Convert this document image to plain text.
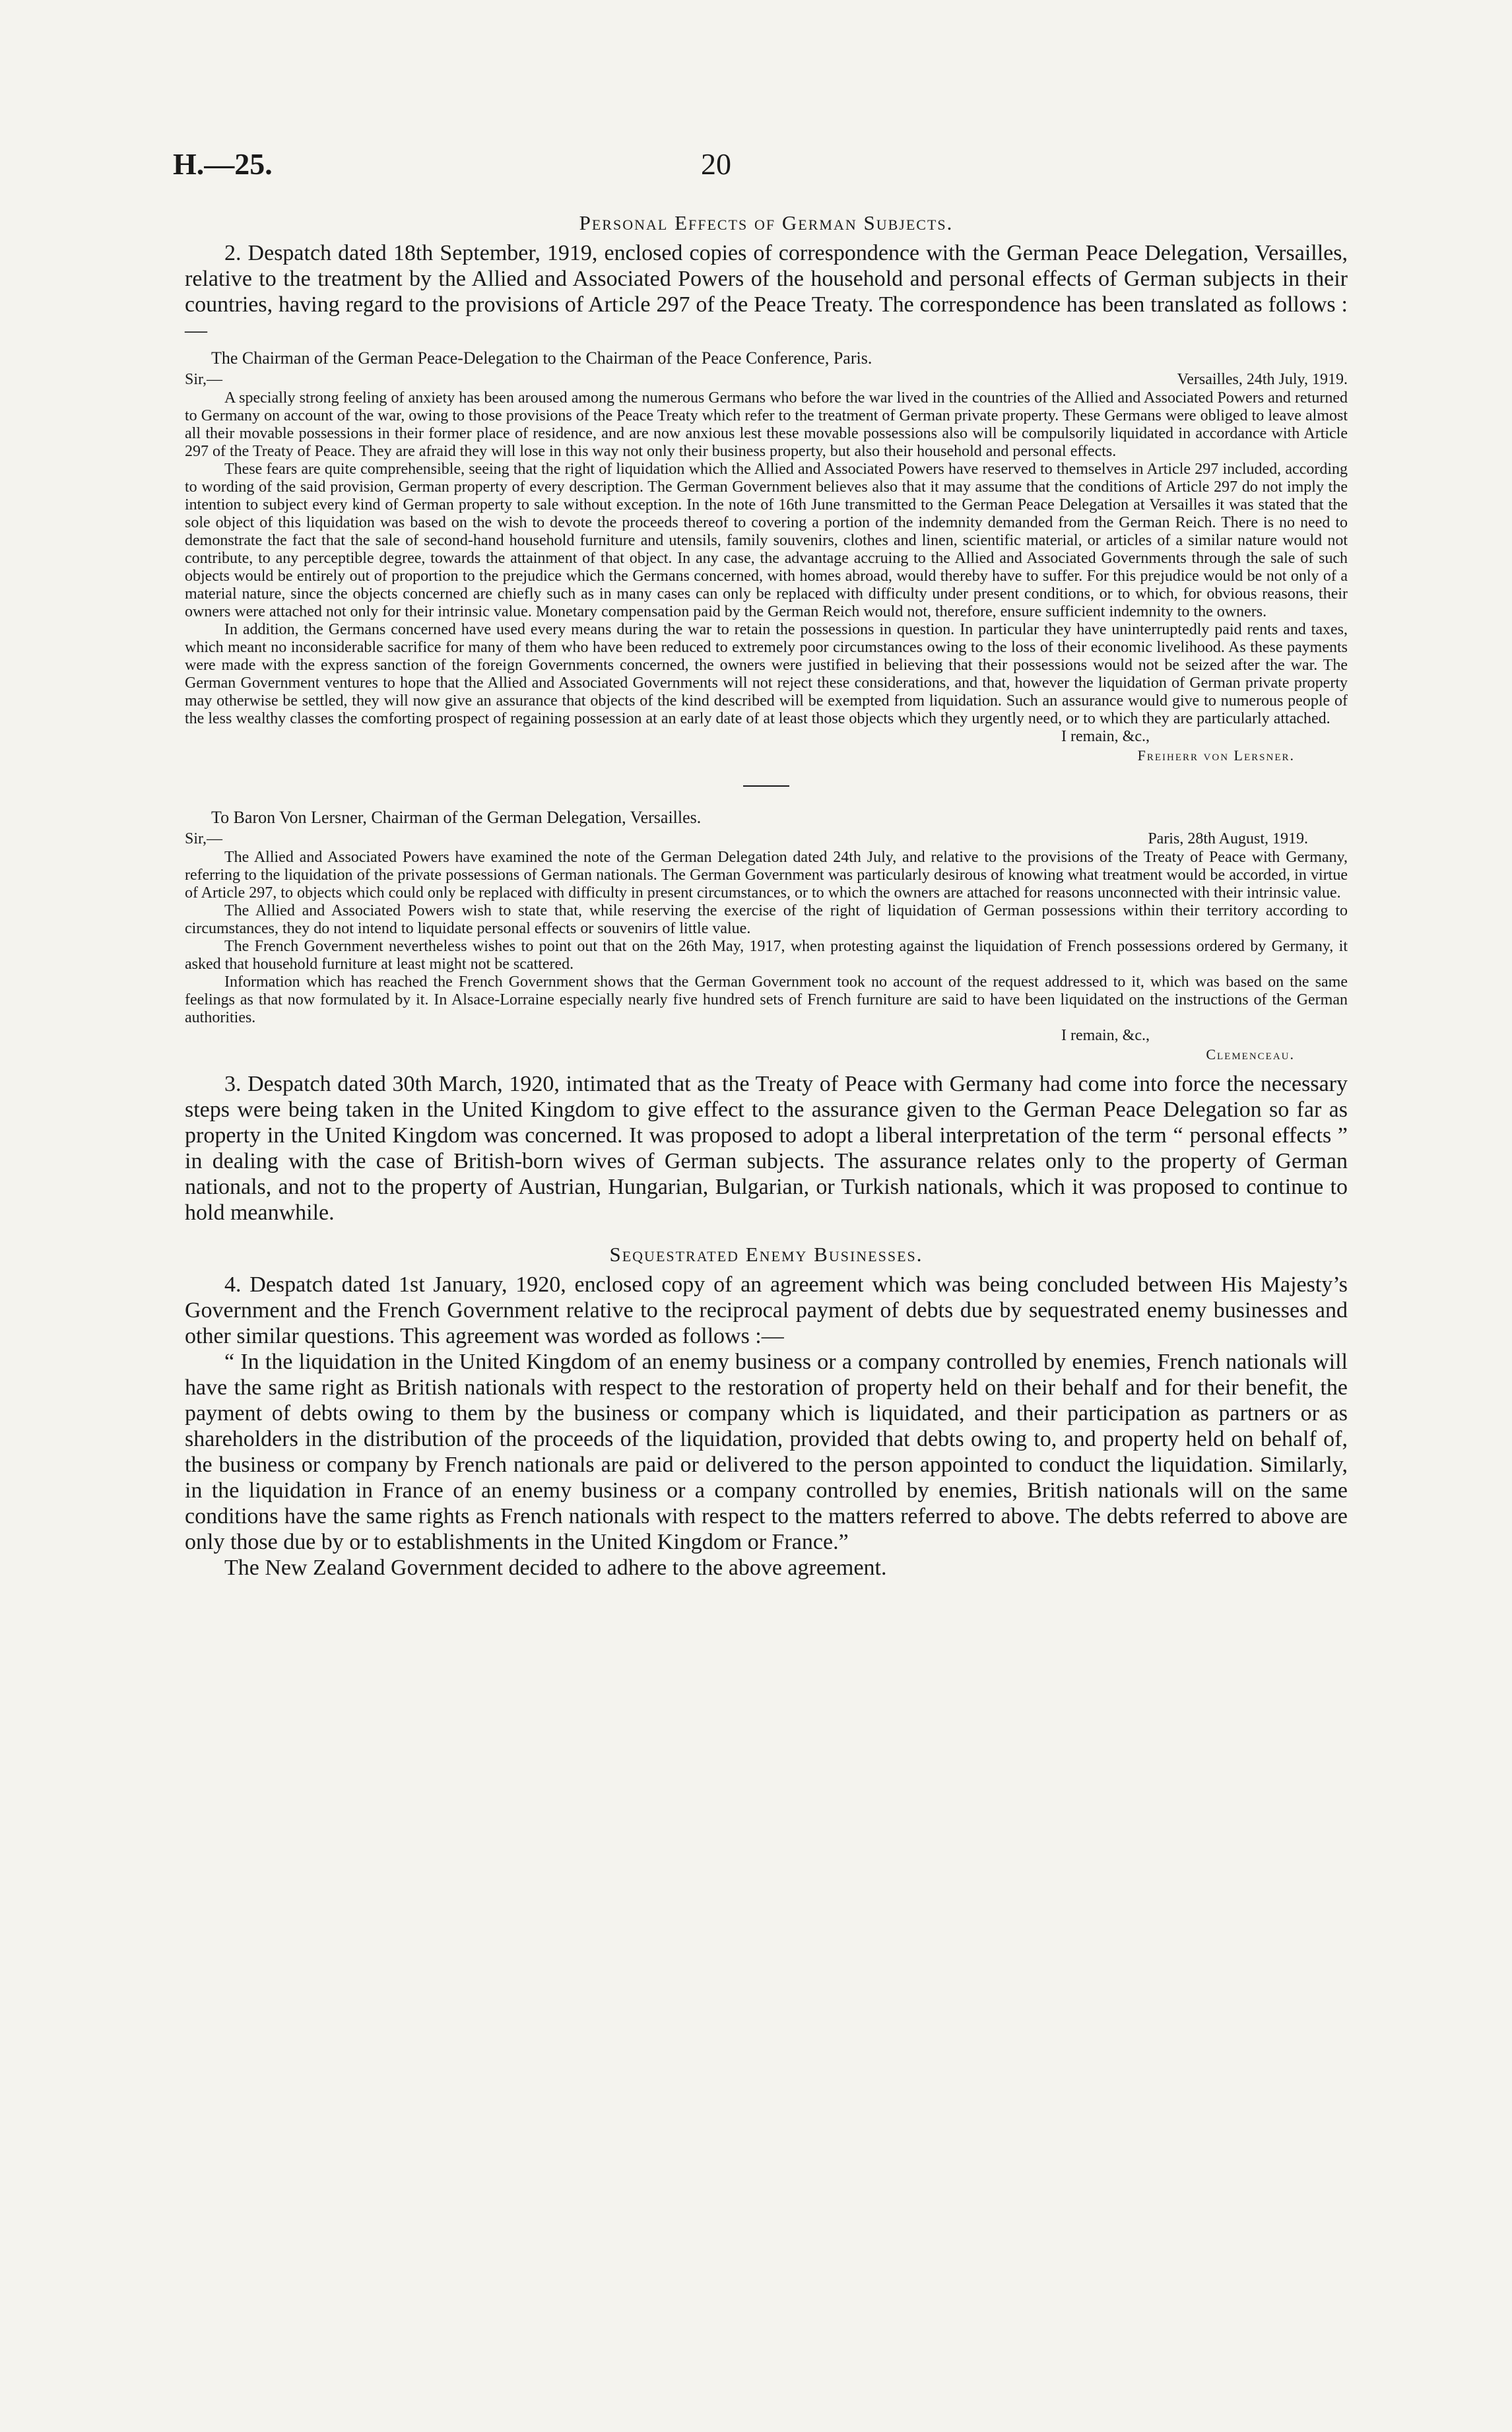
H.—25.	20
Personal Effects of German Subjects.

2. Despatch dated 18th September, 1919, enclosed copies of correspondence with the German Peace Delegation, Versailles, relative to the treatment by the Allied and Associated Powers of the household and personal effects of German subjects in their countries, having regard to the provisions of Article 297 of the Peace Treaty. The correspondence has been translated as follows :—

The Chairman of the German Peace-Delegation to the Chairman of the Peace Conference, Paris.

Sir,—	Versailles, 24th July, 1919.

A specially strong feeling of anxiety has been aroused among the numerous Germans who before the war lived in the countries of the Allied and Associated Powers and returned to Germany on account of the war, owing to those provisions of the Peace Treaty which refer to the treatment of German private property. These Germans were obliged to leave almost all their movable possessions in their former place of residence, and are now anxious lest these movable possessions also will be compulsorily liquidated in accordance with Article 297 of the Treaty of Peace. They are afraid they will lose in this way not only their business property, but also their household and personal effects.

These fears are quite comprehensible, seeing that the right of liquidation which the Allied and Associated Powers have reserved to themselves in Article 297 included, according to wording of the said provision, German property of every description. The German Government believes also that it may assume that the conditions of Article 297 do not imply the intention to subject every kind of German property to sale without exception. In the note of 16th June transmitted to the German Peace Delegation at Versailles it was stated that the sole object of this liquidation was based on the wish to devote the proceeds thereof to covering a portion of the indemnity demanded from the German Reich. There is no need to demonstrate the fact that the sale of second-hand household furniture and utensils, family souvenirs, clothes and linen, scientific material, or articles of a similar nature would not contribute, to any perceptible degree, towards the attainment of that object. In any case, the advantage accruing to the Allied and Associated Governments through the sale of such objects would be entirely out of proportion to the prejudice which the Germans concerned, with homes abroad, would thereby have to suffer. For this prejudice would be not only of a material nature, since the objects concerned are chiefly such as in many cases can only be replaced with difficulty under present conditions, or to which, for obvious reasons, their owners were attached not only for their intrinsic value. Monetary compensation paid by the German Reich would not, therefore, ensure sufficient indemnity to the owners.

In addition, the Germans concerned have used every means during the war to retain the possessions in question. In particular they have uninterruptedly paid rents and taxes, which meant no inconsiderable sacrifice for many of them who have been reduced to extremely poor circumstances owing to the loss of their economic livelihood. As these payments were made with the express sanction of the foreign Governments concerned, the owners were justified in believing that their possessions would not be seized after the war. The German Government ventures to hope that the Allied and Associated Governments will not reject these considerations, and that, however the liquidation of German private property may otherwise be settled, they will now give an assurance that objects of the kind described will be exempted from liquidation. Such an assurance would give to numerous people of the less wealthy classes the comforting prospect of regaining possession at an early date of at least those objects which they urgently need, or to which they are particularly attached.

I remain, &c.,
Freiherr von Lersner.

To Baron Von Lersner, Chairman of the German Delegation, Versailles.

Sir,—	Paris, 28th August, 1919.

The Allied and Associated Powers have examined the note of the German Delegation dated 24th July, and relative to the provisions of the Treaty of Peace with Germany, referring to the liquidation of the private possessions of German nationals. The German Government was particularly desirous of knowing what treatment would be accorded, in virtue of Article 297, to objects which could only be replaced with difficulty in present circumstances, or to which the owners are attached for reasons unconnected with their intrinsic value.

The Allied and Associated Powers wish to state that, while reserving the exercise of the right of liquidation of German possessions within their territory according to circumstances, they do not intend to liquidate personal effects or souvenirs of little value.

The French Government nevertheless wishes to point out that on the 26th May, 1917, when protesting against the liquidation of French possessions ordered by Germany, it asked that household furniture at least might not be scattered.

Information which has reached the French Government shows that the German Government took no account of the request addressed to it, which was based on the same feelings as that now formulated by it. In Alsace-Lorraine especially nearly five hundred sets of French furniture are said to have been liquidated on the instructions of the German authorities.

I remain, &c.,
Clemenceau.

3. Despatch dated 30th March, 1920, intimated that as the Treaty of Peace with Germany had come into force the necessary steps were being taken in the United Kingdom to give effect to the assurance given to the German Peace Delegation so far as property in the United Kingdom was concerned. It was proposed to adopt a liberal interpretation of the term “ personal effects ” in dealing with the case of British-born wives of German subjects. The assurance relates only to the property of German nationals, and not to the property of Austrian, Hungarian, Bulgarian, or Turkish nationals, which it was proposed to continue to hold meanwhile.

Sequestrated Enemy Businesses.

4. Despatch dated 1st January, 1920, enclosed copy of an agreement which was being concluded between His Majesty’s Government and the French Government relative to the reciprocal payment of debts due by sequestrated enemy businesses and other similar questions. This agreement was worded as follows :—

“ In the liquidation in the United Kingdom of an enemy business or a company controlled by enemies, French nationals will have the same right as British nationals with respect to the restoration of property held on their behalf and for their benefit, the payment of debts owing to them by the business or company which is liquidated, and their participation as partners or as shareholders in the distribution of the proceeds of the liquidation, provided that debts owing to, and property held on behalf of, the business or company by French nationals are paid or delivered to the person appointed to conduct the liquidation. Similarly, in the liquidation in France of an enemy business or a company controlled by enemies, British nationals will on the same conditions have the same rights as French nationals with respect to the matters referred to above. The debts referred to above are only those due by or to establishments in the United Kingdom or France.”

The New Zealand Government decided to adhere to the above agreement.
